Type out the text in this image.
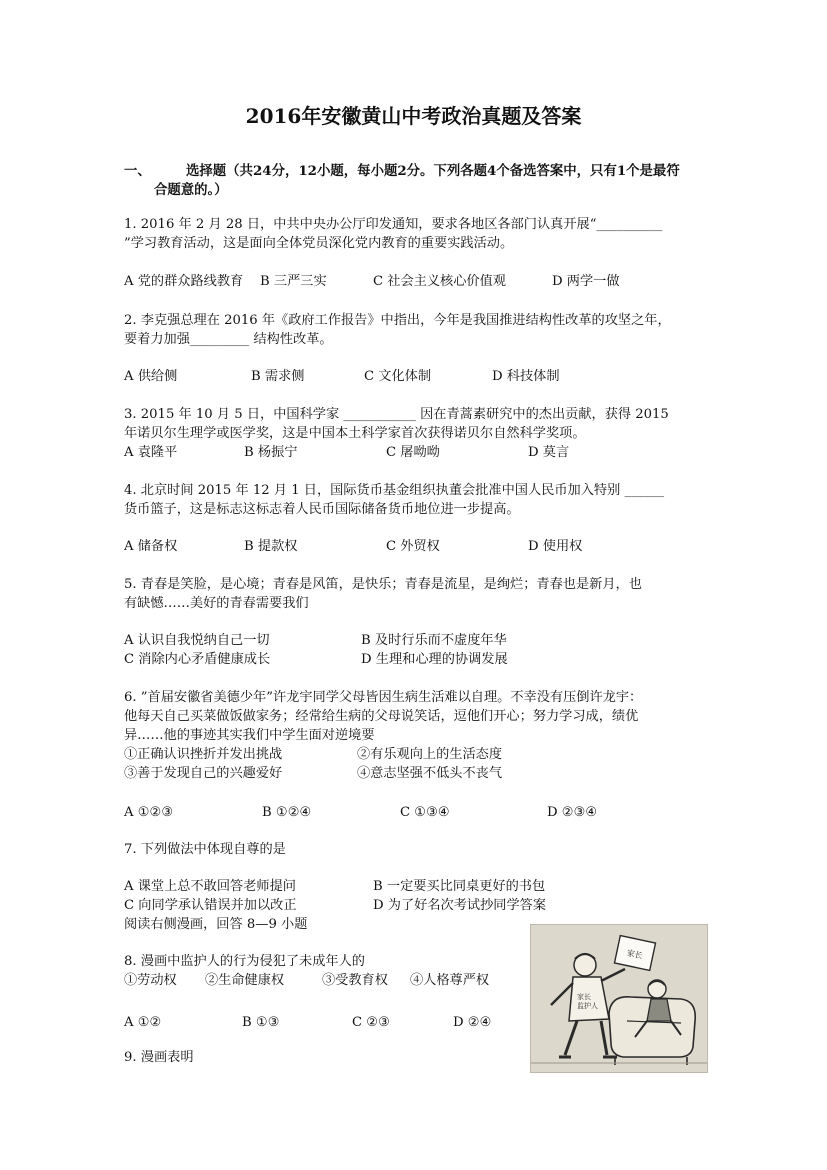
2016年安徽黄山中考政治真题及答案
一、	选择题（共24分，12小题，每小题2分。下列各题4个备选答案中，只有1个是最符
合题意的。）
1. 2016 年 2 月 28 日，中共中央办公厅印发通知，要求各地区各部门认真开展“__________
”学习教育活动，这是面向全体党员深化党内教育的重要实践活动。
A 党的群众路线教育 B 三严三实	C 社会主义核心价值观	D 两学一做
2. 李克强总理在 2016 年《政府工作报告》中指出，今年是我国推进结构性改革的攻坚之年，
要着力加强_________ 结构性改革。
A 供给侧	B 需求侧	C 文化体制	D 科技体制
3. 2015 年 10 月 5 日，中国科学家 ___________ 因在青蒿素研究中的杰出贡献，获得 2015
年诺贝尔生理学或医学奖，这是中国本土科学家首次获得诺贝尔自然科学奖项。
A 袁隆平	B 杨振宁	C 屠呦呦	D 莫言
4. 北京时间 2015 年 12 月 1 日，国际货币基金组织执董会批准中国人民币加入特别 ______
货币篮子，这是标志这标志着人民币国际储备货币地位进一步提高。
A 储备权	B 提款权	C 外贸权	D 使用权
5. 青春是笑脸，是心境；青春是风笛，是快乐；青春是流星，是绚烂；青春也是新月，也
有缺憾……美好的青春需要我们
A 认识自我悦纳自己一切	B 及时行乐而不虚度年华
C 消除内心矛盾健康成长	D 生理和心理的协调发展
6. ”首届安徽省美德少年”许龙宇同学父母皆因生病生活难以自理。不幸没有压倒许龙宇：
他每天自己买菜做饭做家务；经常给生病的父母说笑话，逗他们开心；努力学习成，绩优
异……他的事迹其实我们中学生面对逆境要
①正确认识挫折并发出挑战	②有乐观向上的生活态度
③善于发现自己的兴趣爱好	④意志坚强不低头不丧气
A ①②③	B ①②④	C ①③④	D ②③④
7. 下列做法中体现自尊的是
A 课堂上总不敢回答老师提问	B 一定要买比同桌更好的书包
C 向同学承认错误并加以改正	D 为了好名次考试抄同学答案
阅读右侧漫画，回答 8—9 小题
8. 漫画中监护人的行为侵犯了未成年人的
①劳动权 ②生命健康权	③受教育权 ④人格尊严权
A ①②	B ①③	C ②③	D ②④
9. 漫画表明
家长
家长监护人
